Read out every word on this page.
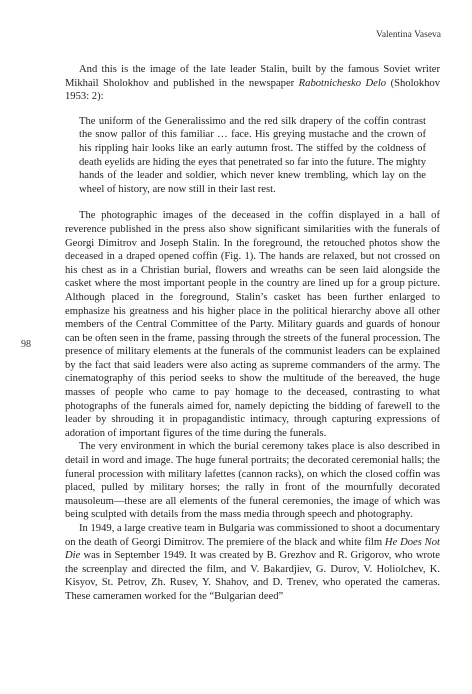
Valentina Vaseva
98

And this is the image of the late leader Stalin, built by the famous Soviet writer Mikhail Sholokhov and published in the newspaper Rabotnichesko Delo (Sholokhov 1953: 2):

The uniform of the Generalissimo and the red silk drapery of the coffin contrast the snow pallor of this familiar … face. His greying mustache and the crown of his rippling hair looks like an early autumn frost. The stiffed by the coldness of death eyelids are hiding the eyes that penetrated so far into the future. The mighty hands of the leader and soldier, which never knew trembling, which lay on the wheel of history, are now still in their last rest.

The photographic images of the deceased in the coffin displayed in a hall of reverence published in the press also show significant similarities with the funerals of Georgi Dimitrov and Joseph Stalin. In the foreground, the retouched photos show the deceased in a draped opened coffin (Fig. 1). The hands are relaxed, but not crossed on his chest as in a Christian burial, flowers and wreaths can be seen laid alongside the casket where the most important people in the country are lined up for a group picture. Although placed in the foreground, Stalin’s casket has been further enlarged to emphasize his greatness and his higher place in the political hierarchy above all other members of the Central Committee of the Party. Military guards and guards of honour can be often seen in the frame, passing through the streets of the funeral procession. The presence of military elements at the funerals of the communist leaders can be explained by the fact that said leaders were also acting as supreme commanders of the army. The cinematography of this period seeks to show the multitude of the bereaved, the huge masses of people who came to pay homage to the deceased, contrasting to what photographs of the funerals aimed for, namely depicting the bidding of farewell to the leader by shrouding it in propagandistic intimacy, through capturing expressions of adoration of important figures of the time during the funerals.

The very environment in which the burial ceremony takes place is also described in detail in word and image. The huge funeral portraits; the decorated ceremonial halls; the funeral procession with military lafettes (cannon racks), on which the closed coffin was placed, pulled by military horses; the rally in front of the mournfully decorated mausoleum—these are all elements of the funeral ceremonies, the image of which was being sculpted with details from the mass media through speech and photography.

In 1949, a large creative team in Bulgaria was commissioned to shoot a documentary on the death of Georgi Dimitrov. The premiere of the black and white film He Does Not Die was in September 1949. It was created by B. Grezhov and R. Grigorov, who wrote the screenplay and directed the film, and V. Bakardjiev, G. Durov, V. Holiolchev, K. Kisyov, St. Petrov, Zh. Rusev, Y. Shahov, and D. Trenev, who operated the cameras. These cameramen worked for the “Bulgarian deed”
